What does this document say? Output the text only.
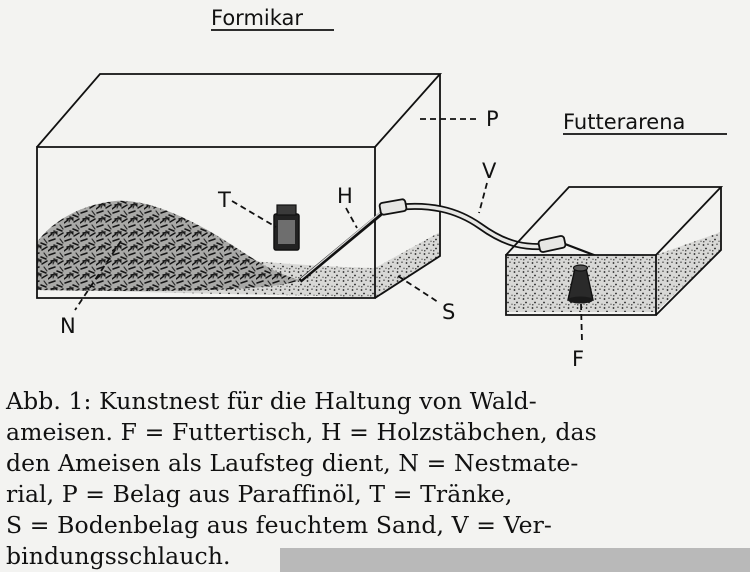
Formikar
Futterarena
P
T	H
V
S
N
F
Abb. 1: Kunstnest für die Haltung von Wald-
ameisen. F = Futtertisch, H = Holzstäbchen, das
den Ameisen als Laufsteg dient, N = Nestmate-
rial, P = Belag aus Paraffinöl, T = Tränke,
S = Bodenbelag aus feuchtem Sand, V = Ver-
bindungsschlauch.
